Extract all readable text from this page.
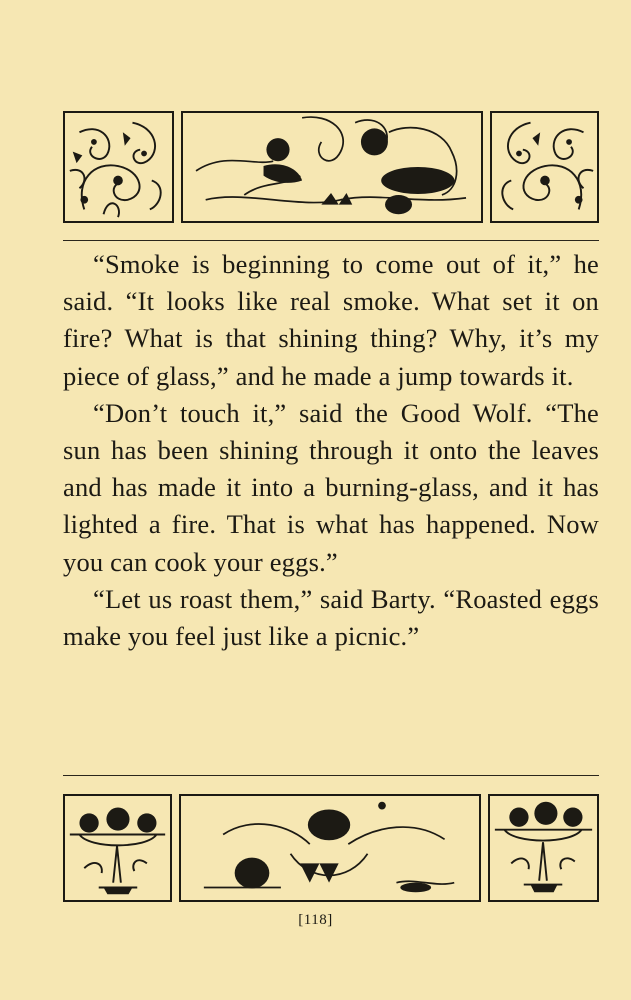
“Smoke is beginning to come out of it,” he said. “It looks like real smoke. What set it on fire? What is that shining thing? Why, it’s my piece of glass,” and he made a jump towards it.

“Don’t touch it,” said the Good Wolf. “The sun has been shining through it onto the leaves and has made it into a burning-glass, and it has lighted a fire. That is what has happened. Now you can cook your eggs.”

“Let us roast them,” said Barty. “Roasted eggs make you feel just like a picnic.”

[118]
